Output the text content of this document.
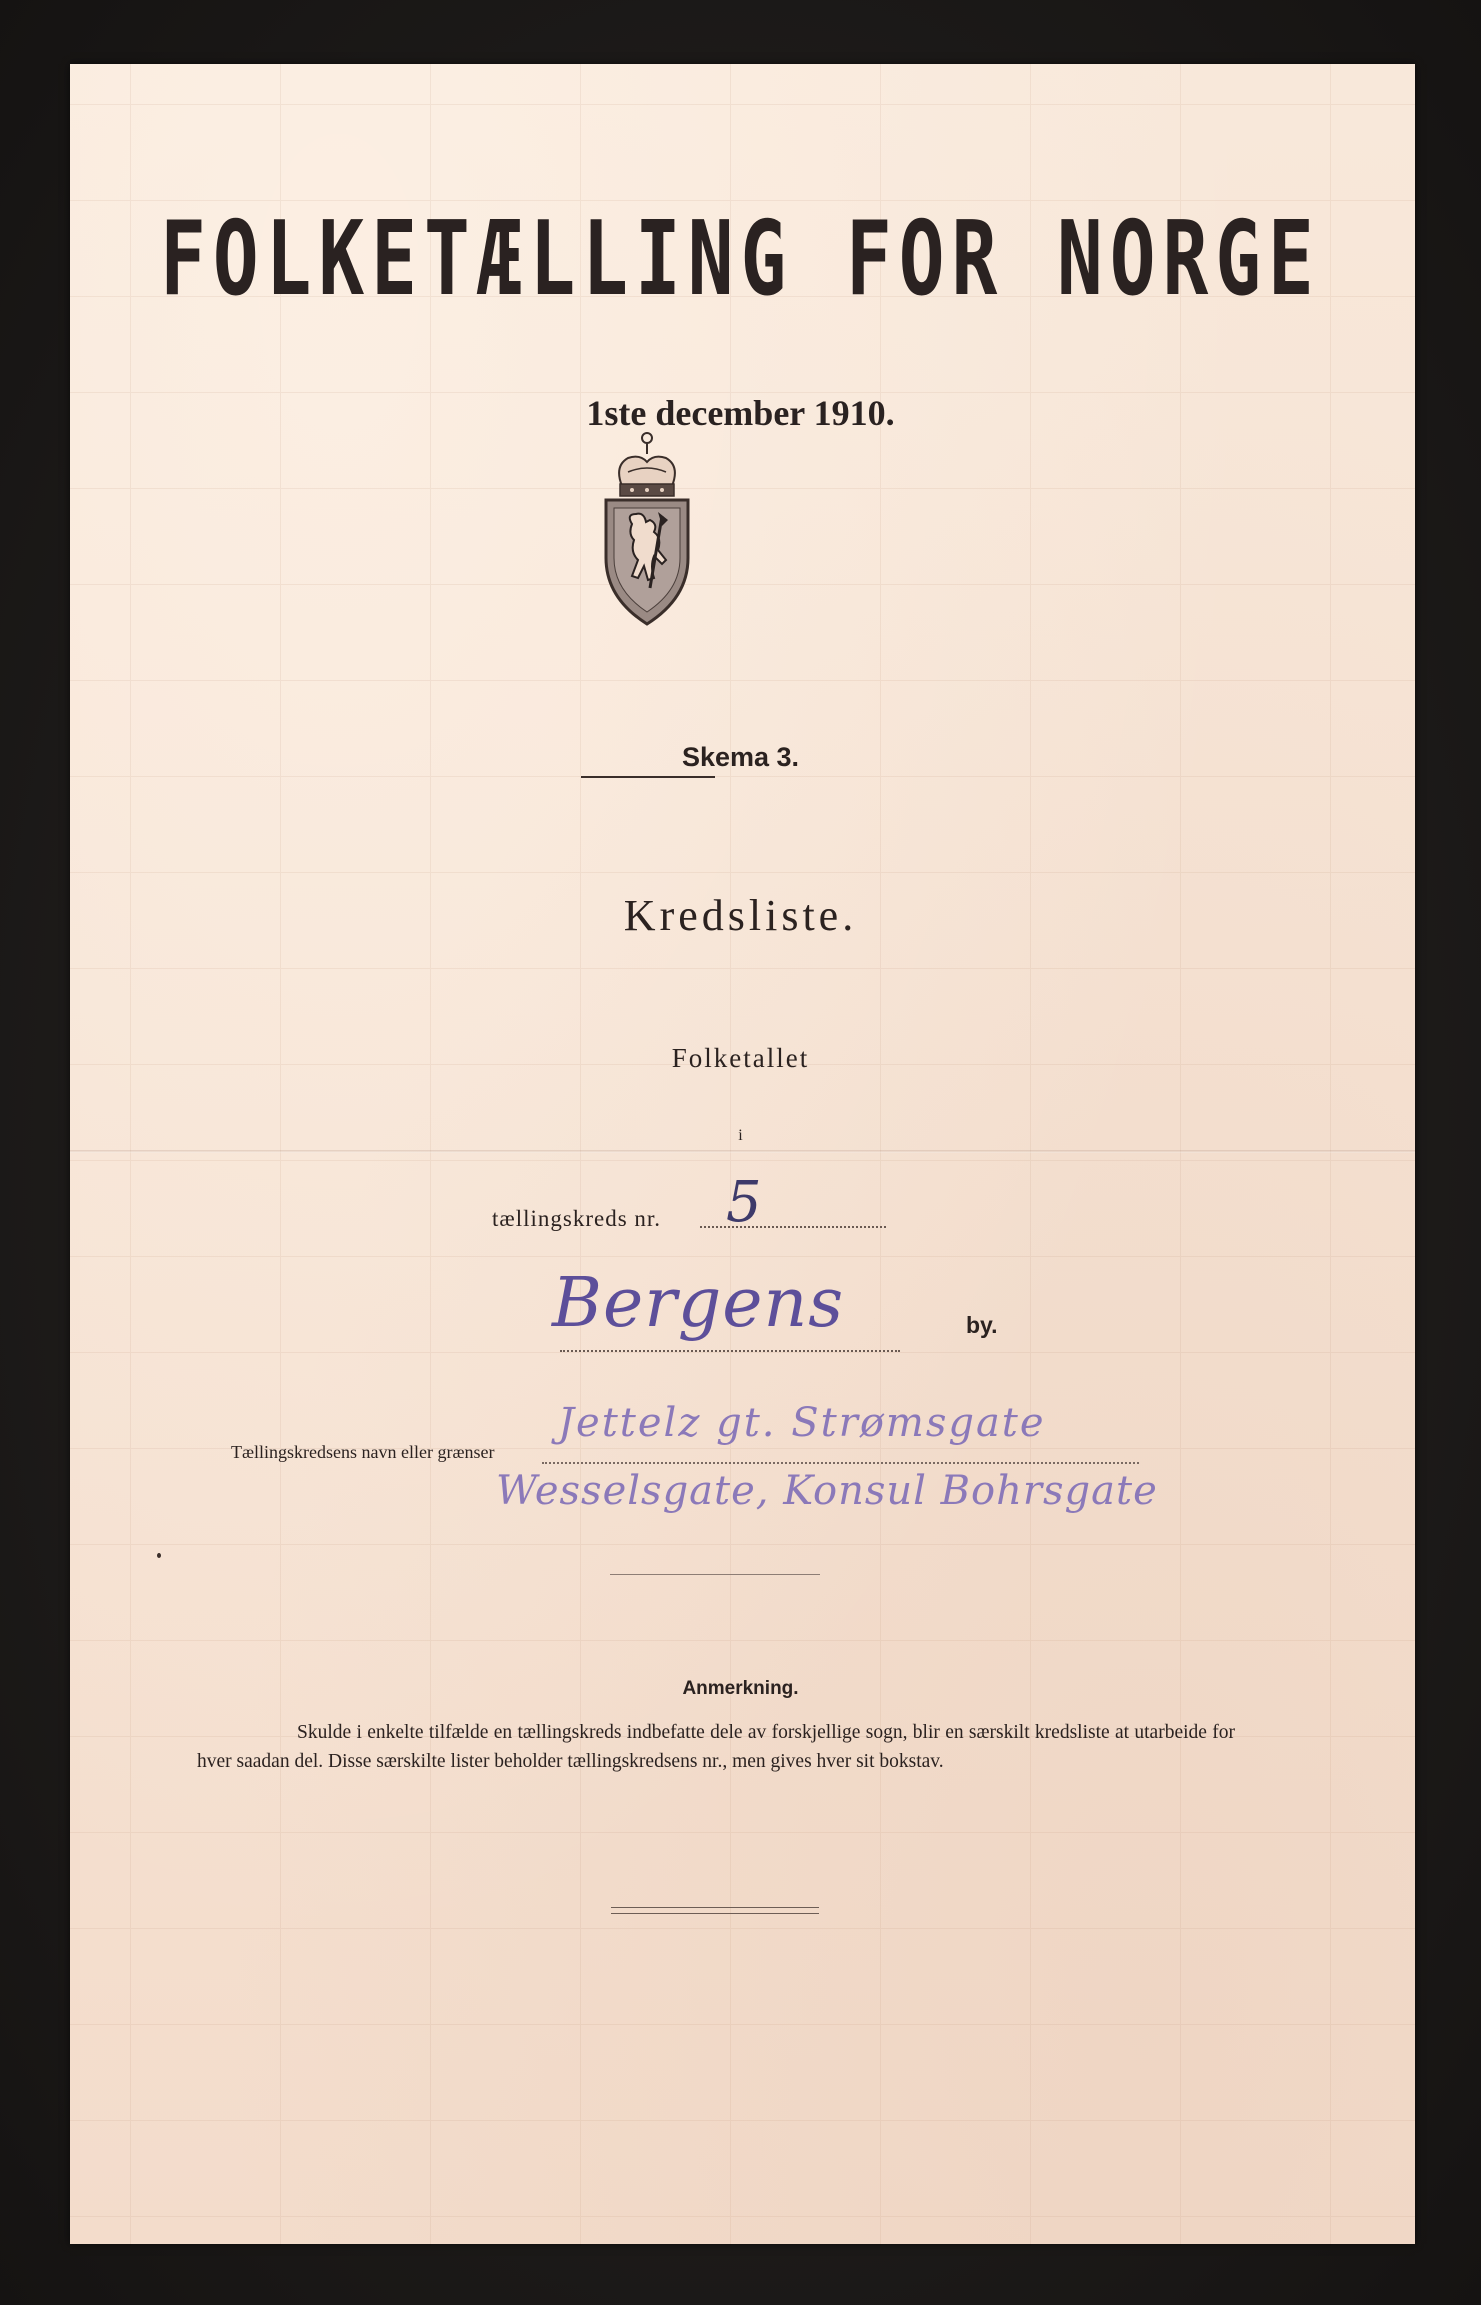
FOLKETÆLLING FOR NORGE
1ste december 1910.
Skema 3.
Kredsliste.
Folketallet
i
tællingskreds nr. 5
Bergens	by.
Tællingskredsens navn eller grænser
Jettelz gt. Strømsgate
Wesselsgate, Konsul Bohrsgate
Anmerkning.
Skulde i enkelte tilfælde en tællingskreds indbefatte dele av forskjellige sogn, blir en særskilt kredsliste at utarbeide for hver saadan del. Disse særskilte lister beholder tællingskredsens nr., men gives hver sit bokstav.
